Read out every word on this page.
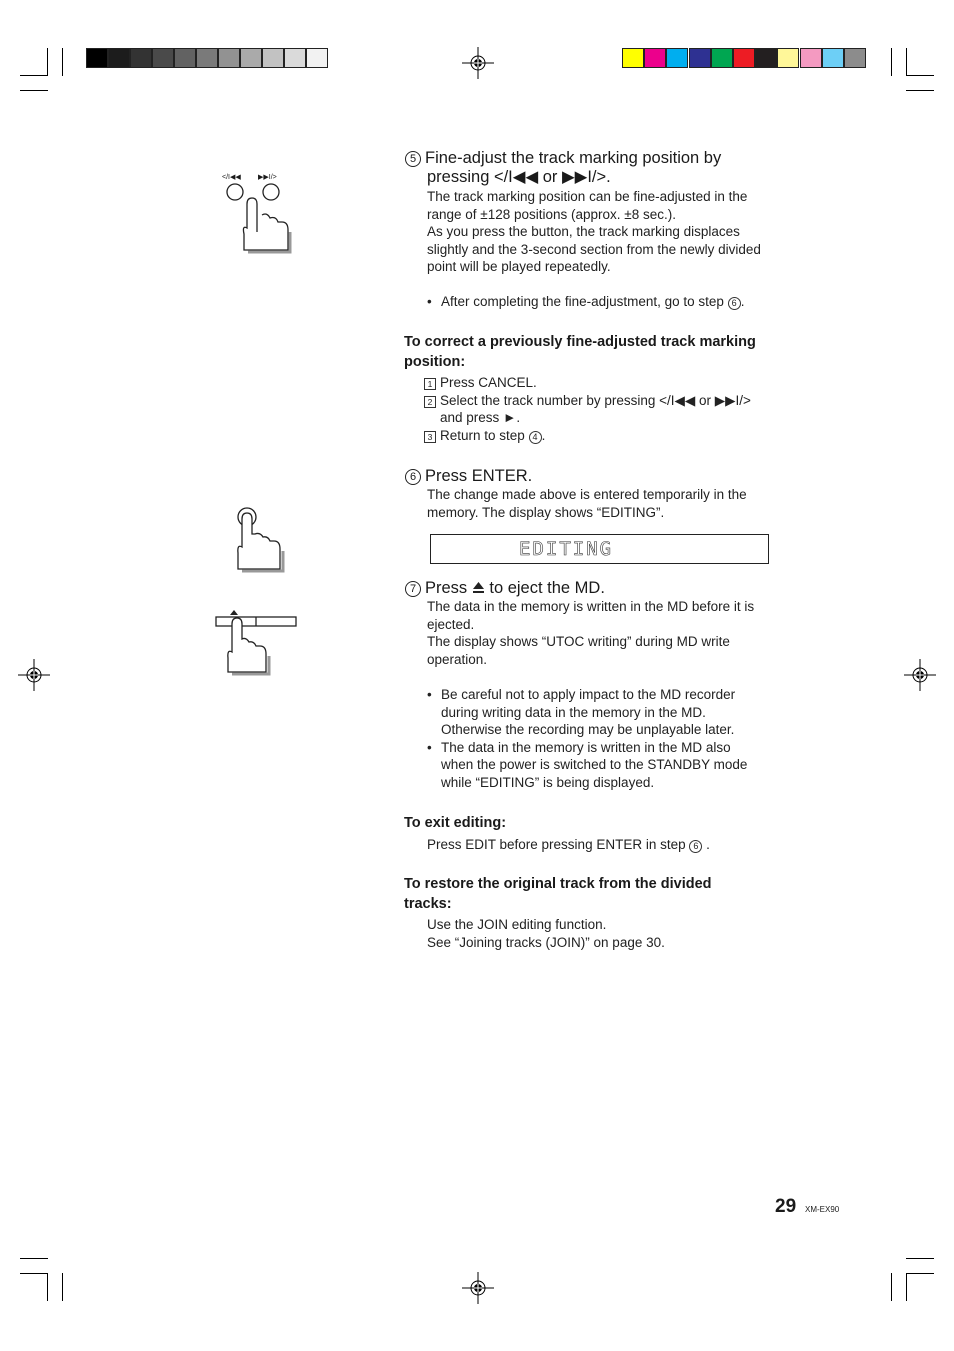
</I◀◀ ▶▶I/>
5 Fine-adjust the track marking position by
pressing </I◀◀ or ▶▶I/>.
The track marking position can be fine-adjusted in the
range of ±128 positions (approx. ±8 sec.).
As you press the button, the track marking displaces
slightly and the 3-second section from the newly divided
point will be played repeatedly.
• After completing the fine-adjustment, go to step 6 .
To correct a previously fine-adjusted track marking
position:
1 Press CANCEL.
2 Select the track number by pressing </I◀◀ or ▶▶I/>
and press ►.
3 Return to step 4 .
6 Press ENTER.
The change made above is entered temporarily in the
memory. The display shows “EDITING”.
EDITING
7 Press to eject the MD.
The data in the memory is written in the MD before it is
ejected.
The display shows “UTOC writing” during MD write
operation.
• Be careful not to apply impact to the MD recorder
during writing data in the memory in the MD.
Otherwise the recording may be unplayable later.
• The data in the memory is written in the MD also
when the power is switched to the STANDBY mode
while “EDITING” is being displayed.
To exit editing:
Press EDIT before pressing ENTER in step 6 .
To restore the original track from the divided
tracks:
Use the JOIN editing function.
See “Joining tracks (JOIN)” on page 30.
29 XM-EX90
